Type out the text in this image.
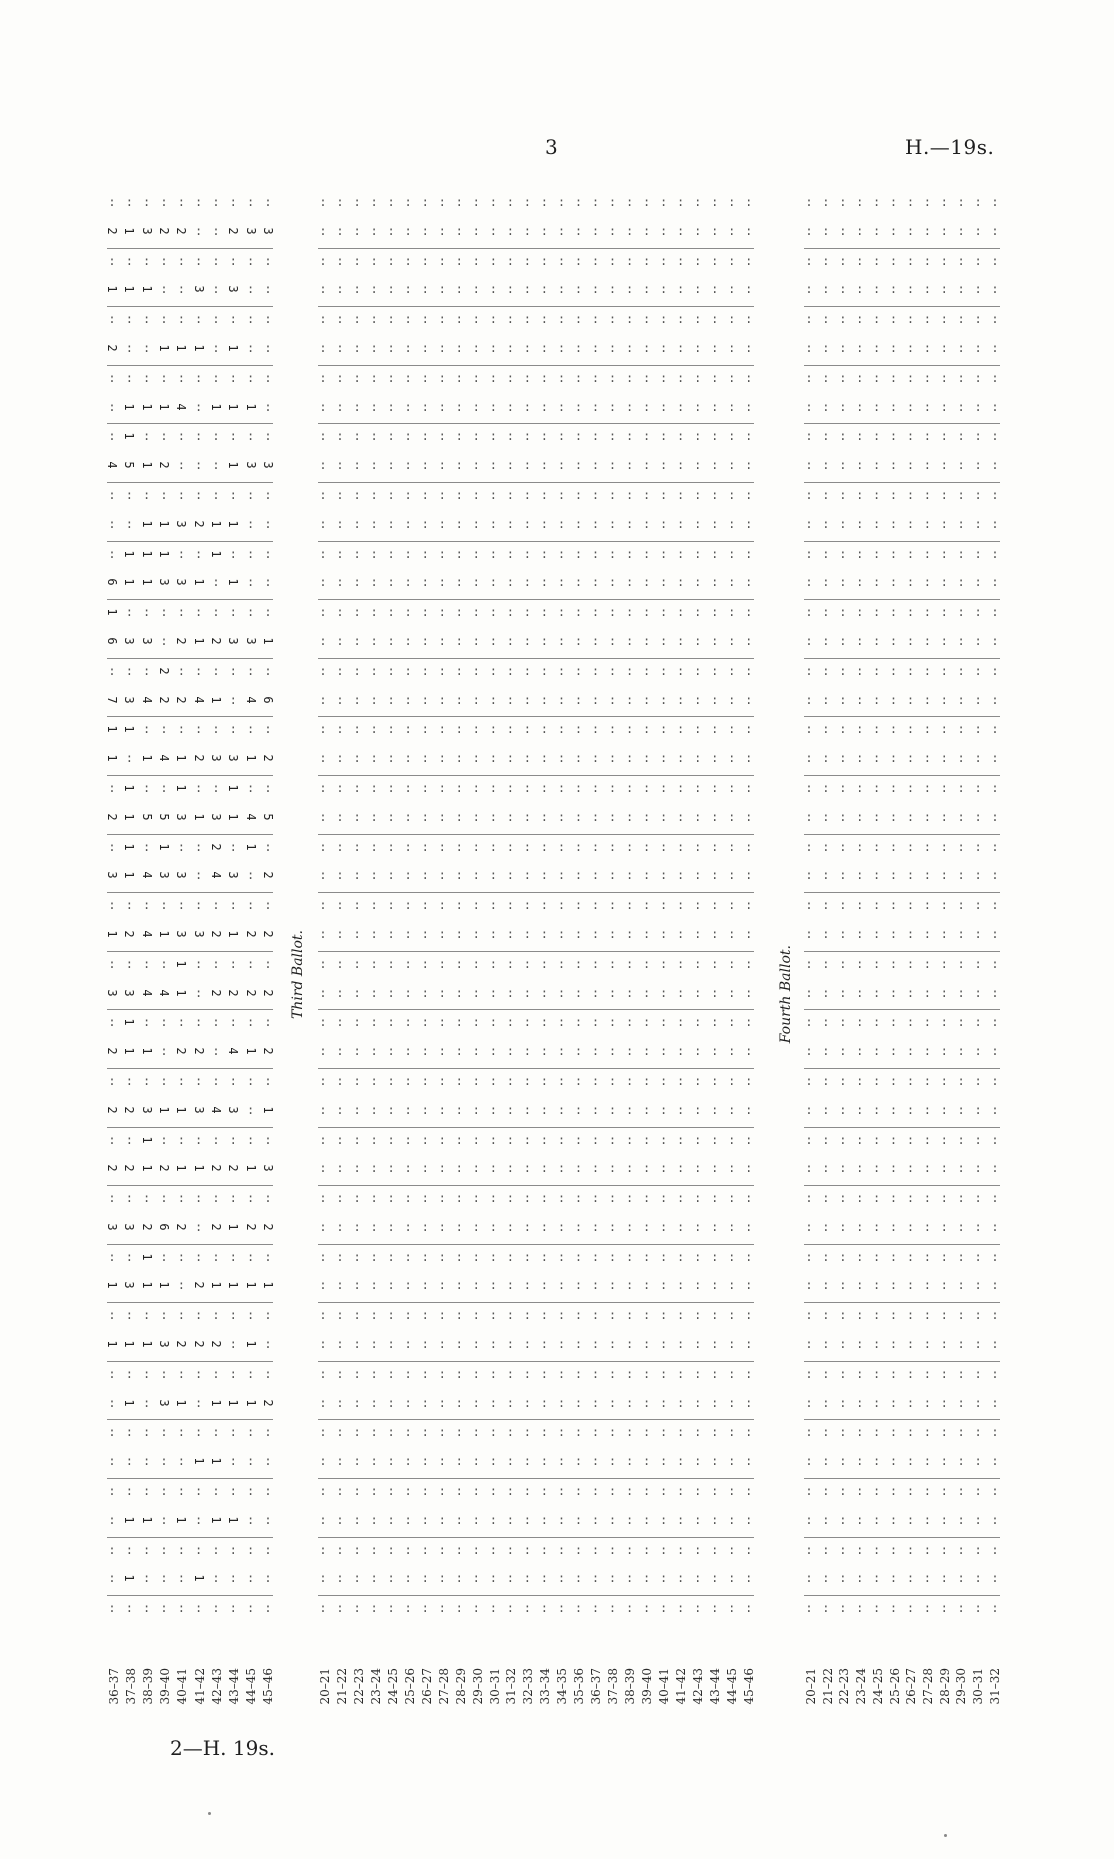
3	H.—19s.
: : : : : : : : : :
2 1 3 2 2 : : 2 3 3
: : : : : : : : : :
1 1 1 : : 3 : 3 : :
: : : : : : : : : :
2 : : 1 1 1 : 1 : :
: : : : : : : : : :
: 1 1 1 4 : 1 1 1 :
: 1 : : : : : : : :
4 5 1 2 : : : 1 3 3
: : : : : : : : : :
: : 1 1 3 2 1 1 : :
: 1 1 1 : : 1 : : :
6 1 1 3 3 1 : 1 : :
1 : : : : : : : : :
6 3 3 : 2 1 2 3 3 1
: : : 2 : : : : : :
7 3 4 2 2 4 1 : 4 6
1 1 : : : : : : : :
1 : 1 4 1 2 3 3 1 2
: 1 : : 1 : : 1 : :
2 1 5 5 3 1 3 1 4 5
: 1 : 1 : : 2 : 1 :
3 1 4 3 3 : 4 3 : 2
: : : : : : : : : :
1 2 4 1 3 3 2 1 2 2
: : : : 1 : : : : :
3 3 4 4 1 : 2 2 2 2
: 1 : : : : : : : :
2 1 1 : 2 2 : 4 1 2
: : : : : : : : : :
2 2 3 1 1 3 4 3 : 1
: : 1 : : : : : : :
2 2 1 2 1 1 2 2 1 3
: : : : : : : : : :
3 3 2 6 2 : 2 1 2 2
: : 1 : : : : : : :
1 3 1 1 : 2 1 1 1 1
: : : : : : : : : :
1 1 1 3 2 2 2 : 1 :
: : : : : : : : : :
: 1 : 3 1 : 1 1 1 2
: : : : : : : : : :
: : : : : 1 1 : : :
: : : : : : : : : :
: 1 1 : 1 : 1 1 : :
: : : : : : : : : :
: 1 : : : 1 : : : :
: : : : : : : : : :
: : : : : : : : : : : : : : : : : : : : : : : : : :
: : : : : : : : : : : : : : : : : : : : : : : : : :
: : : : : : : : : : : : : : : : : : : : : : : : : :
: : : : : : : : : : : : : : : : : : : : : : : : : :
: : : : : : : : : : : : : : : : : : : : : : : : : :
: : : : : : : : : : : : : : : : : : : : : : : : : :
: : : : : : : : : : : : : : : : : : : : : : : : : :
: : : : : : : : : : : : : : : : : : : : : : : : : :
: : : : : : : : : : : : : : : : : : : : : : : : : :
: : : : : : : : : : : : : : : : : : : : : : : : : :
: : : : : : : : : : : : : : : : : : : : : : : : : :
: : : : : : : : : : : : : : : : : : : : : : : : : :
: : : : : : : : : : : : : : : : : : : : : : : : : :
: : : : : : : : : : : : : : : : : : : : : : : : : :
: : : : : : : : : : : : : : : : : : : : : : : : : :
: : : : : : : : : : : : : : : : : : : : : : : : : :
: : : : : : : : : : : : : : : : : : : : : : : : : :
: : : : : : : : : : : : : : : : : : : : : : : : : :
: : : : : : : : : : : : : : : : : : : : : : : : : :
: : : : : : : : : : : : : : : : : : : : : : : : : :
: : : : : : : : : : : : : : : : : : : : : : : : : :
: : : : : : : : : : : : : : : : : : : : : : : : : :
: : : : : : : : : : : : : : : : : : : : : : : : : :
: : : : : : : : : : : : : : : : : : : : : : : : : :
: : : : : : : : : : : : : : : : : : : : : : : : : :
: : : : : : : : : : : : : : : : : : : : : : : : : :
: : : : : : : : : : : : : : : : : : : : : : : : : :
: : : : : : : : : : : : : : : : : : : : : : : : : :
: : : : : : : : : : : : : : : : : : : : : : : : : :
: : : : : : : : : : : : : : : : : : : : : : : : : :
: : : : : : : : : : : : : : : : : : : : : : : : : :
: : : : : : : : : : : : : : : : : : : : : : : : : :
: : : : : : : : : : : : : : : : : : : : : : : : : :
: : : : : : : : : : : : : : : : : : : : : : : : : :
: : : : : : : : : : : : : : : : : : : : : : : : : :
: : : : : : : : : : : : : : : : : : : : : : : : : :
: : : : : : : : : : : : : : : : : : : : : : : : : :
: : : : : : : : : : : : : : : : : : : : : : : : : :
: : : : : : : : : : : : : : : : : : : : : : : : : :
: : : : : : : : : : : : : : : : : : : : : : : : : :
: : : : : : : : : : : : : : : : : : : : : : : : : :
: : : : : : : : : : : : : : : : : : : : : : : : : :
: : : : : : : : : : : : : : : : : : : : : : : : : :
: : : : : : : : : : : : : : : : : : : : : : : : : :
: : : : : : : : : : : : : : : : : : : : : : : : : :
: : : : : : : : : : : : : : : : : : : : : : : : : :
: : : : : : : : : : : : : : : : : : : : : : : : : :
: : : : : : : : : : : : : : : : : : : : : : : : : :
: : : : : : : : : : : : : : : : : : : : : : : : : :
: : : : : : : : : : : :
: : : : : : : : : : : :
: : : : : : : : : : : :
: : : : : : : : : : : :
: : : : : : : : : : : :
: : : : : : : : : : : :
: : : : : : : : : : : :
: : : : : : : : : : : :
: : : : : : : : : : : :
: : : : : : : : : : : :
: : : : : : : : : : : :
: : : : : : : : : : : :
: : : : : : : : : : : :
: : : : : : : : : : : :
: : : : : : : : : : : :
: : : : : : : : : : : :
: : : : : : : : : : : :
: : : : : : : : : : : :
: : : : : : : : : : : :
: : : : : : : : : : : :
: : : : : : : : : : : :
: : : : : : : : : : : :
: : : : : : : : : : : :
: : : : : : : : : : : :
: : : : : : : : : : : :
: : : : : : : : : : : :
: : : : : : : : : : : :
: : : : : : : : : : : :
: : : : : : : : : : : :
: : : : : : : : : : : :
: : : : : : : : : : : :
: : : : : : : : : : : :
: : : : : : : : : : : :
: : : : : : : : : : : :
: : : : : : : : : : : :
: : : : : : : : : : : :
: : : : : : : : : : : :
: : : : : : : : : : : :
: : : : : : : : : : : :
: : : : : : : : : : : :
: : : : : : : : : : : :
: : : : : : : : : : : :
: : : : : : : : : : : :
: : : : : : : : : : : :
: : : : : : : : : : : :
: : : : : : : : : : : :
: : : : : : : : : : : :
: : : : : : : : : : : :
: : : : : : : : : : : :
Third Ballot.	Fourth Ballot.
36–37 37–38 38–39 39–40 40–41 41–42 42–43 43–44 44–45 45–46	20–21 21–22 22–23 23–24 24–25 25–26 26–27 27–28 28–29 29–30 30–31 31–32 32–33 33–34 34–35 35–36 36–37 37–38 38–39 39–40 40–41 41–42 42–43 43–44 44–45 45–46	20–21 21–22 22–23 23–24 24–25 25–26 26–27 27–28 28–29 29–30 30–31 31–32
2—H. 19s.
